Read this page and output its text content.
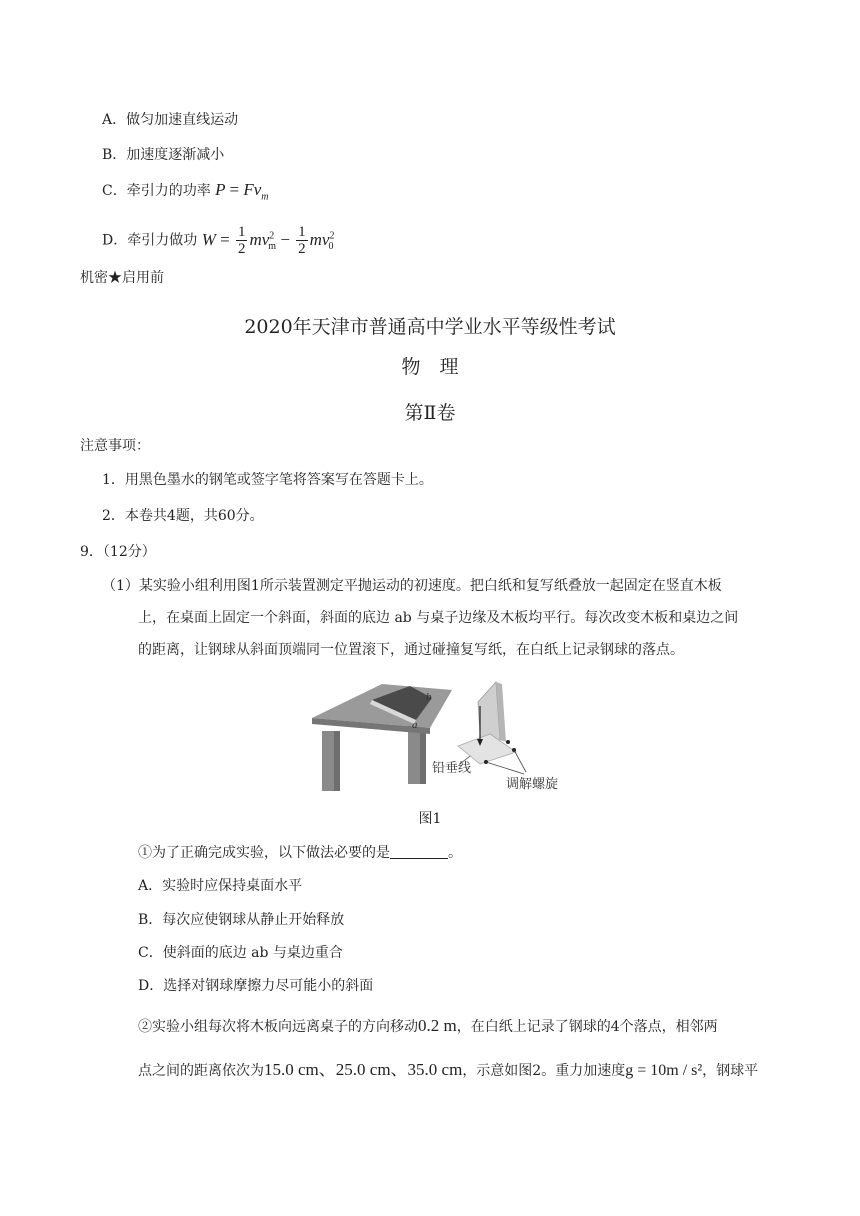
A．做匀加速直线运动
B．加速度逐渐减小
C．牵引力的功率 $P = Fv_m$
D．牵引力做功 $W = \frac{1}{2} mv^2_m - \frac{1}{2} mv^2_0$
机密★启用前
2020年天津市普通高中学业水平等级性考试
物　理
第Ⅱ卷
注意事项：
1．用黑色墨水的钢笔或签字笔将答案写在答题卡上。
2．本卷共4题，共60分。
9．（12分）
（1）某实验小组利用图1所示装置测定平抛运动的初速度。把白纸和复写纸叠放一起固定在竖直木板
上，在桌面上固定一个斜面，斜面的底边 ab 与桌子边缘及木板均平行。每次改变木板和桌边之间
的距离，让钢球从斜面顶端同一位置滚下，通过碰撞复写纸，在白纸上记录钢球的落点。
b
a
铅垂线
调解螺旋
图1
①为了正确完成实验，以下做法必要的是	。
A．实验时应保持桌面水平
B．每次应使钢球从静止开始释放
C．使斜面的底边 ab 与桌边重合
D．选择对钢球摩擦力尽可能小的斜面
②实验小组每次将木板向远离桌子的方向移动0.2 m，在白纸上记录了钢球的4个落点，相邻两
点之间的距离依次为15.0 cm、25.0 cm、35.0 cm，示意如图2。重力加速度g = 10m / s²，钢球平
